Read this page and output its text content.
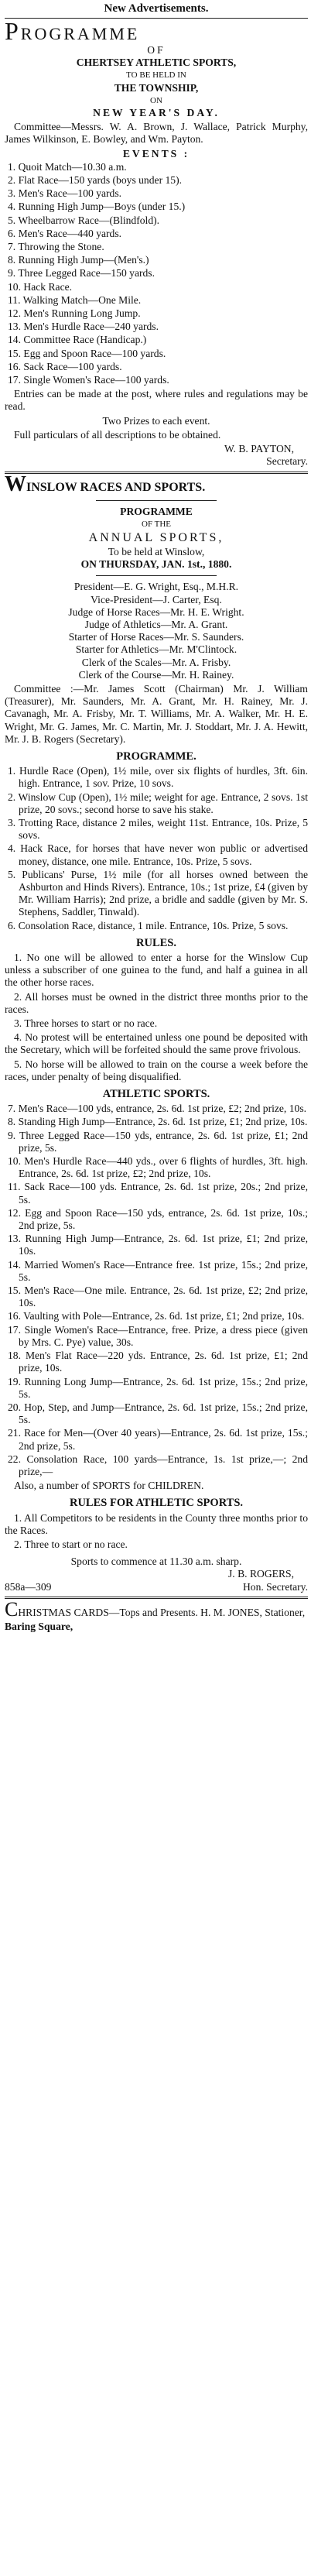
New Advertisements.
PROGRAMME
OF
CHERTSEY ATHLETIC SPORTS,
TO BE HELD IN
THE TOWNSHIP,
ON
NEW YEAR'S DAY.
Committee—Messrs. W. A. Brown, J. Wallace, Patrick Murphy, James Wilkinson, E. Bowley, and Wm. Payton.
EVENTS :
1. Quoit Match—10.30 a.m.
2. Flat Race—150 yards (boys under 15).
3. Men's Race—100 yards.
4. Running High Jump—Boys (under 15.)
5. Wheelbarrow Race—(Blindfold).
6. Men's Race—440 yards.
7. Throwing the Stone.
8. Running High Jump—(Men's.)
9. Three Legged Race—150 yards.
10. Hack Race.
11. Walking Match—One Mile.
12. Men's Running Long Jump.
13. Men's Hurdle Race—240 yards.
14. Committee Race (Handicap.)
15. Egg and Spoon Race—100 yards.
16. Sack Race—100 yards.
17. Single Women's Race—100 yards.
Entries can be made at the post, where rules and regulations may be read.
Two Prizes to each event.
Full particulars of all descriptions to be obtained.
W. B. PAYTON,
Secretary.
WINSLOW RACES AND SPORTS.
PROGRAMME
OF THE
ANNUAL SPORTS,
To be held at Winslow,
ON THURSDAY, JAN. 1st., 1880.
President—E. G. Wright, Esq., M.H.R.
Vice-President—J. Carter, Esq.
Judge of Horse Races—Mr. H. E. Wright.
Judge of Athletics—Mr. A. Grant.
Starter of Horse Races—Mr. S. Saunders.
Starter for Athletics—Mr. M'Clintock.
Clerk of the Scales—Mr. A. Frisby.
Clerk of the Course—Mr. H. Rainey.
Committee :—Mr. James Scott (Chairman) Mr. J. William (Treasurer), Mr. Saunders, Mr. A. Grant, Mr. H. Rainey, Mr. J. Cavanagh, Mr. A. Frisby, Mr. T. Williams, Mr. A. Walker, Mr. H. E. Wright, Mr. G. James, Mr. C. Martin, Mr. J. Stoddart, Mr. J. A. Hewitt, Mr. J. B. Rogers (Secretary).
PROGRAMME.
1. Hurdle Race (Open), 1½ mile, over six flights of hurdles, 3ft. 6in. high. Entrance, 1 sov. Prize, 10 sovs.
2. Winslow Cup (Open), 1½ mile; weight for age. Entrance, 2 sovs. 1st prize, 20 sovs.; second horse to save his stake.
3. Trotting Race, distance 2 miles, weight 11st. Entrance, 10s. Prize, 5 sovs.
4. Hack Race, for horses that have never won public or advertised money, distance, one mile. Entrance, 10s. Prize, 5 sovs.
5. Publicans' Purse, 1½ mile (for all horses owned between the Ashburton and Hinds Rivers). Entrance, 10s.; 1st prize, £4 (given by Mr. William Harris); 2nd prize, a bridle and saddle (given by Mr. S. Stephens, Saddler, Tinwald).
6. Consolation Race, distance, 1 mile. Entrance, 10s. Prize, 5 sovs.
RULES.
1. No one will be allowed to enter a horse for the Winslow Cup unless a subscriber of one guinea to the fund, and half a guinea in all the other horse races.
2. All horses must be owned in the district three months prior to the races.
3. Three horses to start or no race.
4. No protest will be entertained unless one pound be deposited with the Secretary, which will be forfeited should the same prove frivolous.
5. No horse will be allowed to train on the course a week before the races, under penalty of being disqualified.
ATHLETIC SPORTS.
7. Men's Race—100 yds, entrance, 2s. 6d. 1st prize, £2; 2nd prize, 10s.
8. Standing High Jump—Entrance, 2s. 6d. 1st prize, £1; 2nd prize, 10s.
9. Three Legged Race—150 yds, entrance, 2s. 6d. 1st prize, £1; 2nd prize, 5s.
10. Men's Hurdle Race—440 yds., over 6 flights of hurdles, 3ft. high. Entrance, 2s. 6d. 1st prize, £2; 2nd prize, 10s.
11. Sack Race—100 yds. Entrance, 2s. 6d. 1st prize, 20s.; 2nd prize, 5s.
12. Egg and Spoon Race—150 yds, entrance, 2s. 6d. 1st prize, 10s.; 2nd prize, 5s.
13. Running High Jump—Entrance, 2s. 6d. 1st prize, £1; 2nd prize, 10s.
14. Married Women's Race—Entrance free. 1st prize, 15s.; 2nd prize, 5s.
15. Men's Race—One mile. Entrance, 2s. 6d. 1st prize, £2; 2nd prize, 10s.
16. Vaulting with Pole—Entrance, 2s. 6d. 1st prize, £1; 2nd prize, 10s.
17. Single Women's Race—Entrance, free. Prize, a dress piece (given by Mrs. C. Pye) value, 30s.
18. Men's Flat Race—220 yds. Entrance, 2s. 6d. 1st prize, £1; 2nd prize, 10s.
19. Running Long Jump—Entrance, 2s. 6d. 1st prize, 15s.; 2nd prize, 5s.
20. Hop, Step, and Jump—Entrance, 2s. 6d. 1st prize, 15s.; 2nd prize, 5s.
21. Race for Men—(Over 40 years)—Entrance, 2s. 6d. 1st prize, 15s.; 2nd prize, 5s.
22. Consolation Race, 100 yards—Entrance, 1s. 1st prize,—; 2nd prize,—
Also, a number of SPORTS for CHILDREN.
RULES FOR ATHLETIC SPORTS.
1. All Competitors to be residents in the County three months prior to the Races.
2. Three to start or no race.
Sports to commence at 11.30 a.m. sharp.
J. B. ROGERS,
858a—309	Hon. Secretary.
CHRISTMAS CARDS—Tops and Presents. H. M. JONES, Stationer,
Baring Square,
